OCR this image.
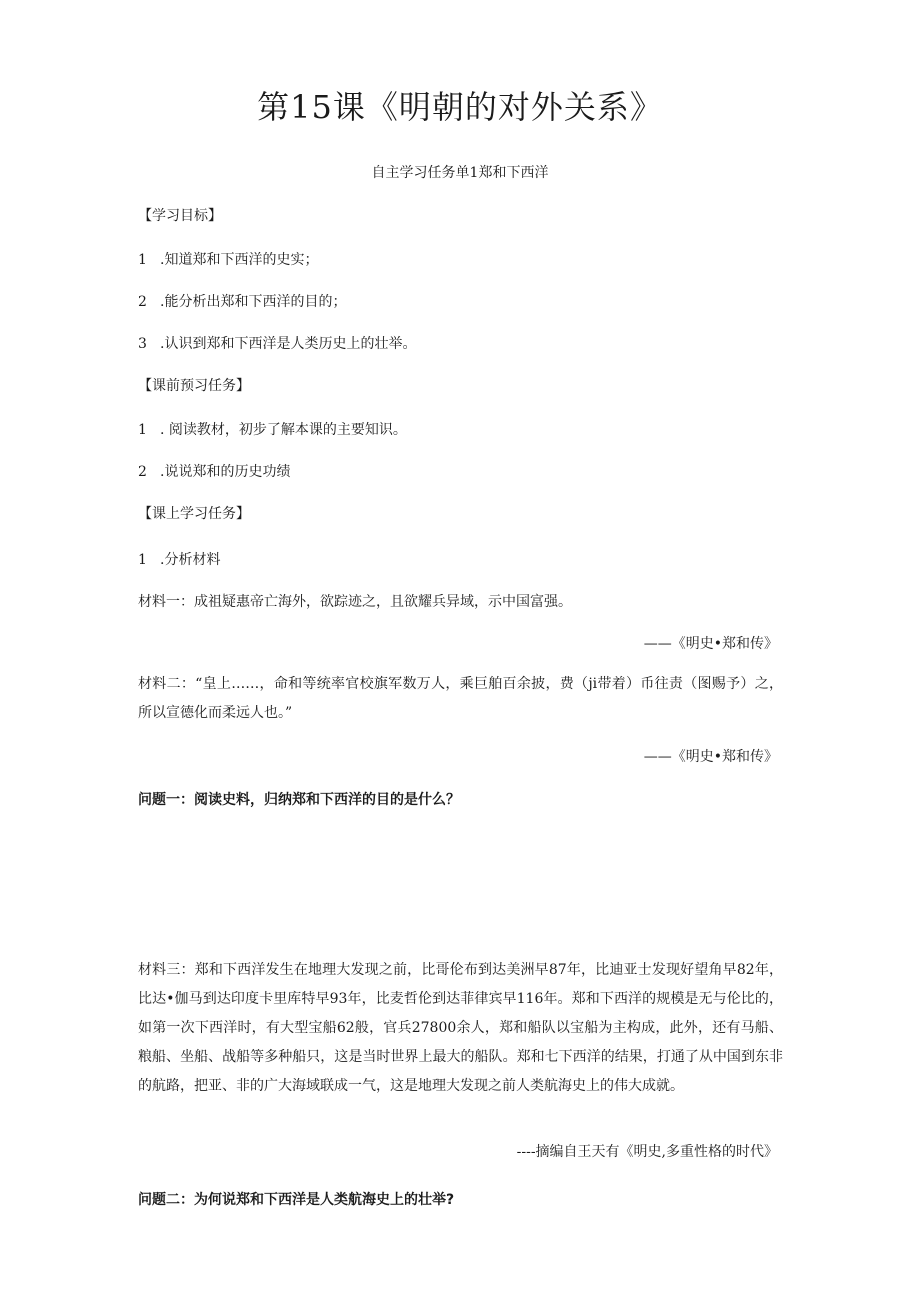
第15课《明朝的对外关系》
自主学习任务单1郑和下西洋
【学习目标】
1 .知道郑和下西洋的史实；
2 .能分析出郑和下西洋的目的；
3 .认识到郑和下西洋是人类历史上的壮举。
【课前预习任务】
1 . 阅读教材，初步了解本课的主要知识。
2 .说说郑和的历史功绩
【课上学习任务】
1 .分析材料
材料一：成祖疑惠帝亡海外，欲踪迹之，且欲耀兵异域，示中国富强。
——《明史•郑和传》
材料二：“皇上……，命和等统率官校旗军数万人，乘巨舶百余披，费（ji带着）币往责（图赐予）之，所以宣德化而柔远人也。”
——《明史•郑和传》
问题一：阅读史料，归纳郑和下西洋的目的是什么？
材料三：郑和下西洋发生在地理大发现之前，比哥伦布到达美洲早87年，比迪亚士发现好望角早82年，比达•伽马到达印度卡里库特早93年，比麦哲伦到达菲律宾早116年。郑和下西洋的规模是无与伦比的，如第一次下西洋时，有大型宝船62般，官兵27800余人，郑和船队以宝船为主构成，此外，还有马船、粮船、坐船、战船等多种船只，这是当时世界上最大的船队。郑和七下西洋的结果，打通了从中国到东非的航路，把亚、非的广大海域联成一气，这是地理大发现之前人类航海史上的伟大成就。
----摘编自王天有《明史,多重性格的时代》
问题二：为何说郑和下西洋是人类航海史上的壮举?
